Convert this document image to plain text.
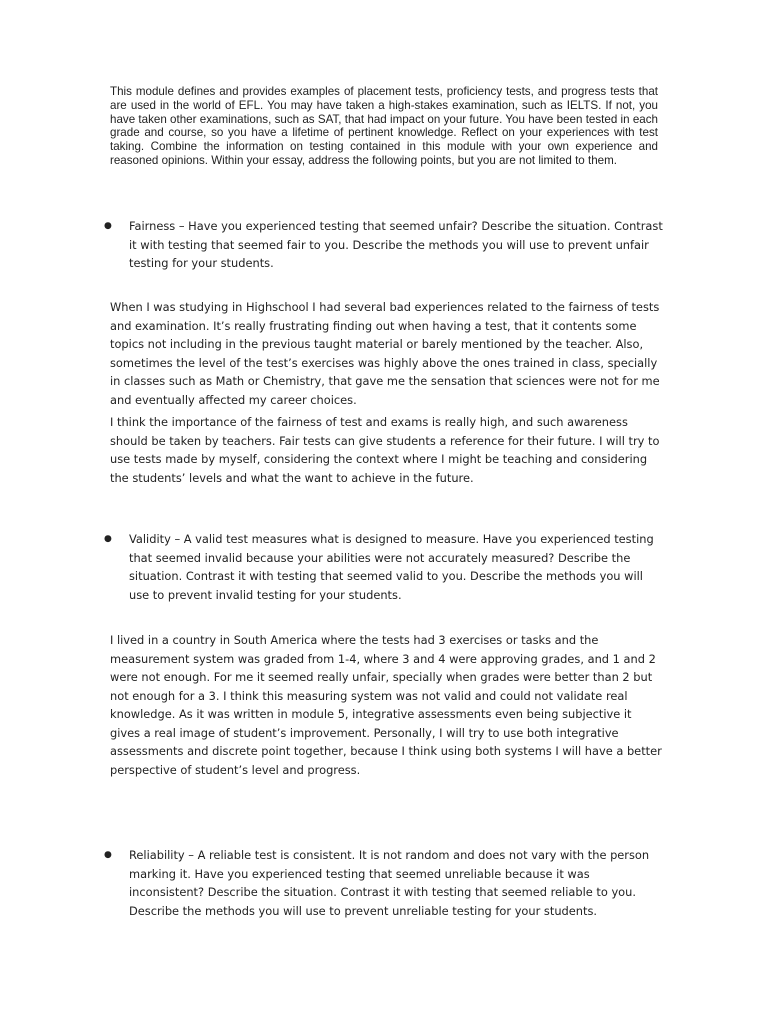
This module defines and provides examples of placement tests, proficiency tests, and progress tests that are used in the world of EFL. You may have taken a high-stakes examination, such as IELTS. If not, you have taken other examinations, such as SAT, that had impact on your future. You have been tested in each grade and course, so you have a lifetime of pertinent knowledge. Reflect on your experiences with test taking. Combine the information on testing contained in this module with your own experience and reasoned opinions. Within your essay, address the following points, but you are not limited to them.

● Fairness – Have you experienced testing that seemed unfair? Describe the situation. Contrast it with testing that seemed fair to you. Describe the methods you will use to prevent unfair testing for your students.

When I was studying in Highschool I had several bad experiences related to the fairness of tests and examination. It’s really frustrating finding out when having a test, that it contents some topics not including in the previous taught material or barely mentioned by the teacher. Also, sometimes the level of the test’s exercises was highly above the ones trained in class, specially in classes such as Math or Chemistry, that gave me the sensation that sciences were not for me and eventually affected my career choices.

I think the importance of the fairness of test and exams is really high, and such awareness should be taken by teachers. Fair tests can give students a reference for their future. I will try to use tests made by myself, considering the context where I might be teaching and considering the students’ levels and what the want to achieve in the future.

● Validity – A valid test measures what is designed to measure. Have you experienced testing that seemed invalid because your abilities were not accurately measured? Describe the situation. Contrast it with testing that seemed valid to you. Describe the methods you will use to prevent invalid testing for your students.

I lived in a country in South America where the tests had 3 exercises or tasks and the measurement system was graded from 1-4, where 3 and 4 were approving grades, and 1 and 2 were not enough. For me it seemed really unfair, specially when grades were better than 2 but not enough for a 3. I think this measuring system was not valid and could not validate real knowledge. As it was written in module 5, integrative assessments even being subjective it gives a real image of student’s improvement. Personally, I will try to use both integrative assessments and discrete point together, because I think using both systems I will have a better perspective of student’s level and progress.

● Reliability – A reliable test is consistent. It is not random and does not vary with the person marking it. Have you experienced testing that seemed unreliable because it was inconsistent? Describe the situation. Contrast it with testing that seemed reliable to you. Describe the methods you will use to prevent unreliable testing for your students.
